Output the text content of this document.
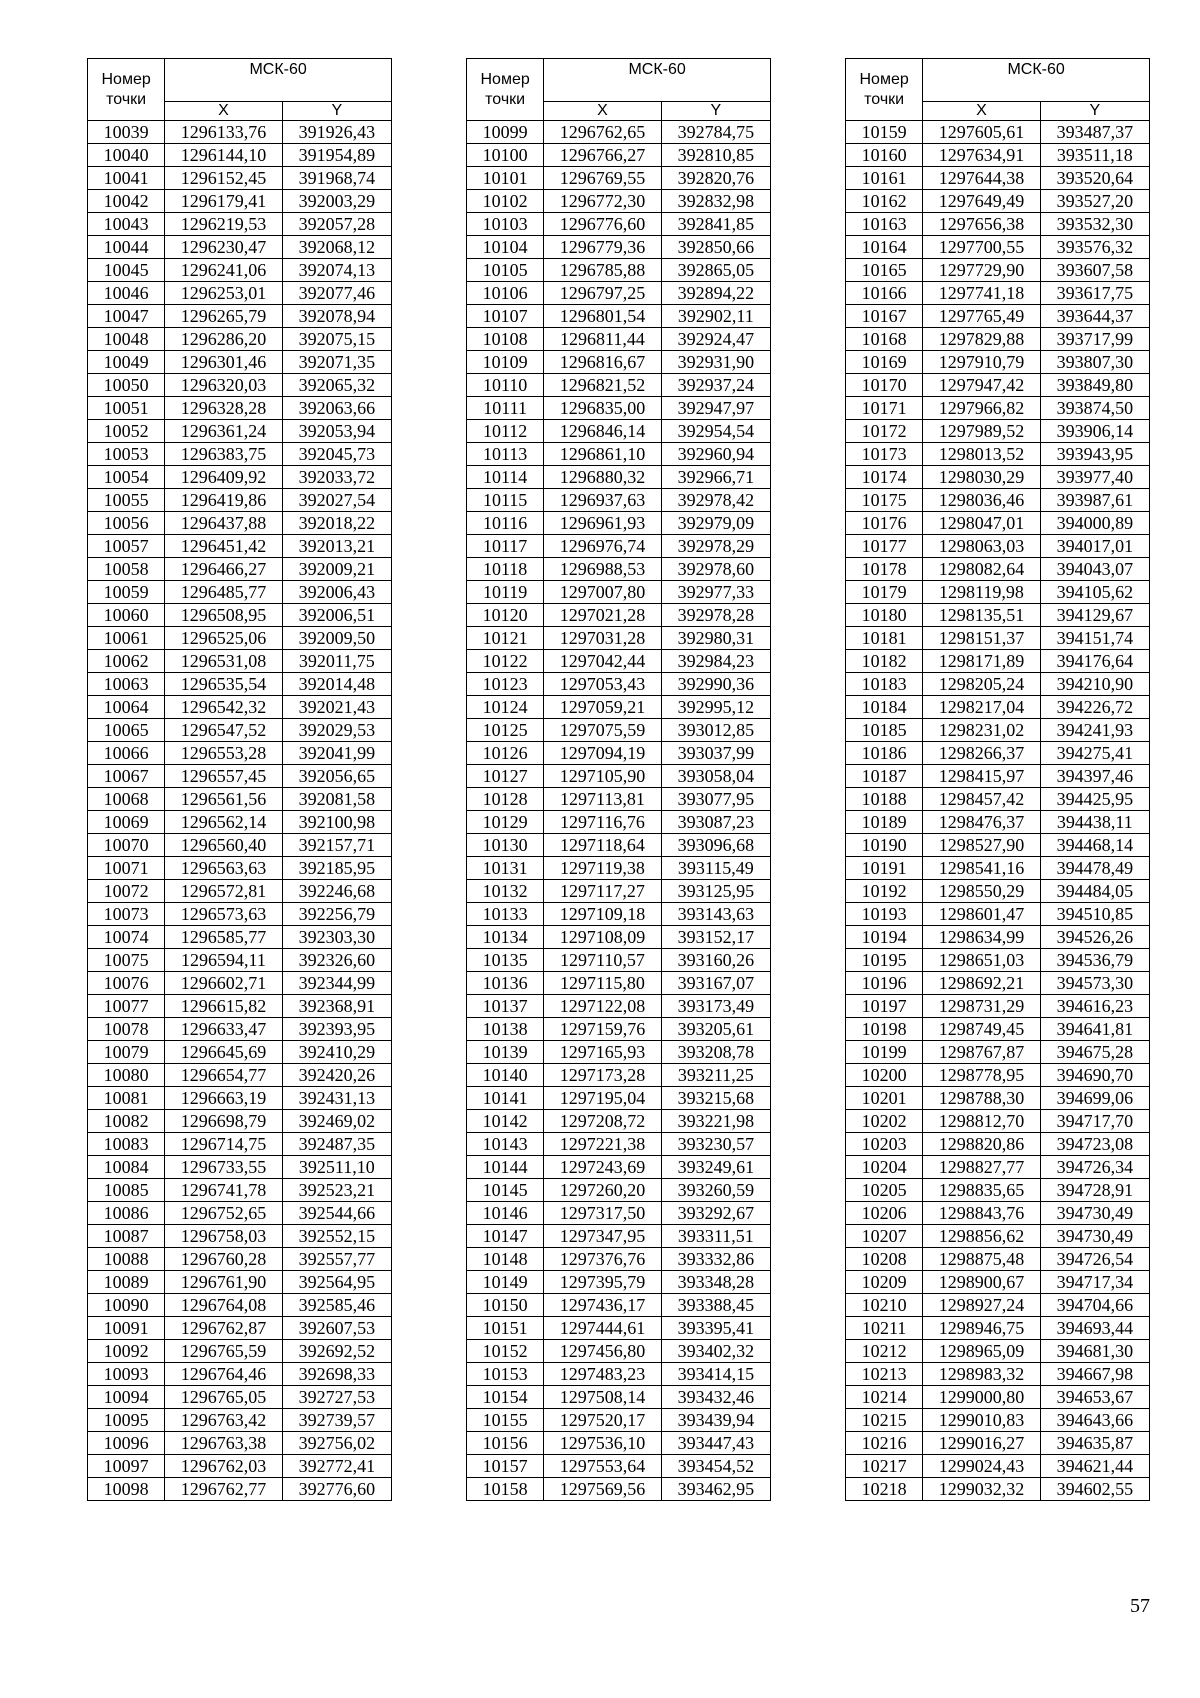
Номер
точки	МСК-60	
	X	Y
10039	1296133,76	391926,43
10040	1296144,10	391954,89
10041	1296152,45	391968,74
10042	1296179,41	392003,29
10043	1296219,53	392057,28
10044	1296230,47	392068,12
10045	1296241,06	392074,13
10046	1296253,01	392077,46
10047	1296265,79	392078,94
10048	1296286,20	392075,15
10049	1296301,46	392071,35
10050	1296320,03	392065,32
10051	1296328,28	392063,66
10052	1296361,24	392053,94
10053	1296383,75	392045,73
10054	1296409,92	392033,72
10055	1296419,86	392027,54
10056	1296437,88	392018,22
10057	1296451,42	392013,21
10058	1296466,27	392009,21
10059	1296485,77	392006,43
10060	1296508,95	392006,51
10061	1296525,06	392009,50
10062	1296531,08	392011,75
10063	1296535,54	392014,48
10064	1296542,32	392021,43
10065	1296547,52	392029,53
10066	1296553,28	392041,99
10067	1296557,45	392056,65
10068	1296561,56	392081,58
10069	1296562,14	392100,98
10070	1296560,40	392157,71
10071	1296563,63	392185,95
10072	1296572,81	392246,68
10073	1296573,63	392256,79
10074	1296585,77	392303,30
10075	1296594,11	392326,60
10076	1296602,71	392344,99
10077	1296615,82	392368,91
10078	1296633,47	392393,95
10079	1296645,69	392410,29
10080	1296654,77	392420,26
10081	1296663,19	392431,13
10082	1296698,79	392469,02
10083	1296714,75	392487,35
10084	1296733,55	392511,10
10085	1296741,78	392523,21
10086	1296752,65	392544,66
10087	1296758,03	392552,15
10088	1296760,28	392557,77
10089	1296761,90	392564,95
10090	1296764,08	392585,46
10091	1296762,87	392607,53
10092	1296765,59	392692,52
10093	1296764,46	392698,33
10094	1296765,05	392727,53
10095	1296763,42	392739,57
10096	1296763,38	392756,02
10097	1296762,03	392772,41
10098	1296762,77	392776,60
Номер
точки	МСК-60	
	X	Y
10099	1296762,65	392784,75
10100	1296766,27	392810,85
10101	1296769,55	392820,76
10102	1296772,30	392832,98
10103	1296776,60	392841,85
10104	1296779,36	392850,66
10105	1296785,88	392865,05
10106	1296797,25	392894,22
10107	1296801,54	392902,11
10108	1296811,44	392924,47
10109	1296816,67	392931,90
10110	1296821,52	392937,24
10111	1296835,00	392947,97
10112	1296846,14	392954,54
10113	1296861,10	392960,94
10114	1296880,32	392966,71
10115	1296937,63	392978,42
10116	1296961,93	392979,09
10117	1296976,74	392978,29
10118	1296988,53	392978,60
10119	1297007,80	392977,33
10120	1297021,28	392978,28
10121	1297031,28	392980,31
10122	1297042,44	392984,23
10123	1297053,43	392990,36
10124	1297059,21	392995,12
10125	1297075,59	393012,85
10126	1297094,19	393037,99
10127	1297105,90	393058,04
10128	1297113,81	393077,95
10129	1297116,76	393087,23
10130	1297118,64	393096,68
10131	1297119,38	393115,49
10132	1297117,27	393125,95
10133	1297109,18	393143,63
10134	1297108,09	393152,17
10135	1297110,57	393160,26
10136	1297115,80	393167,07
10137	1297122,08	393173,49
10138	1297159,76	393205,61
10139	1297165,93	393208,78
10140	1297173,28	393211,25
10141	1297195,04	393215,68
10142	1297208,72	393221,98
10143	1297221,38	393230,57
10144	1297243,69	393249,61
10145	1297260,20	393260,59
10146	1297317,50	393292,67
10147	1297347,95	393311,51
10148	1297376,76	393332,86
10149	1297395,79	393348,28
10150	1297436,17	393388,45
10151	1297444,61	393395,41
10152	1297456,80	393402,32
10153	1297483,23	393414,15
10154	1297508,14	393432,46
10155	1297520,17	393439,94
10156	1297536,10	393447,43
10157	1297553,64	393454,52
10158	1297569,56	393462,95
Номер
точки	МСК-60	
	X	Y
10159	1297605,61	393487,37
10160	1297634,91	393511,18
10161	1297644,38	393520,64
10162	1297649,49	393527,20
10163	1297656,38	393532,30
10164	1297700,55	393576,32
10165	1297729,90	393607,58
10166	1297741,18	393617,75
10167	1297765,49	393644,37
10168	1297829,88	393717,99
10169	1297910,79	393807,30
10170	1297947,42	393849,80
10171	1297966,82	393874,50
10172	1297989,52	393906,14
10173	1298013,52	393943,95
10174	1298030,29	393977,40
10175	1298036,46	393987,61
10176	1298047,01	394000,89
10177	1298063,03	394017,01
10178	1298082,64	394043,07
10179	1298119,98	394105,62
10180	1298135,51	394129,67
10181	1298151,37	394151,74
10182	1298171,89	394176,64
10183	1298205,24	394210,90
10184	1298217,04	394226,72
10185	1298231,02	394241,93
10186	1298266,37	394275,41
10187	1298415,97	394397,46
10188	1298457,42	394425,95
10189	1298476,37	394438,11
10190	1298527,90	394468,14
10191	1298541,16	394478,49
10192	1298550,29	394484,05
10193	1298601,47	394510,85
10194	1298634,99	394526,26
10195	1298651,03	394536,79
10196	1298692,21	394573,30
10197	1298731,29	394616,23
10198	1298749,45	394641,81
10199	1298767,87	394675,28
10200	1298778,95	394690,70
10201	1298788,30	394699,06
10202	1298812,70	394717,70
10203	1298820,86	394723,08
10204	1298827,77	394726,34
10205	1298835,65	394728,91
10206	1298843,76	394730,49
10207	1298856,62	394730,49
10208	1298875,48	394726,54
10209	1298900,67	394717,34
10210	1298927,24	394704,66
10211	1298946,75	394693,44
10212	1298965,09	394681,30
10213	1298983,32	394667,98
10214	1299000,80	394653,67
10215	1299010,83	394643,66
10216	1299016,27	394635,87
10217	1299024,43	394621,44
10218	1299032,32	394602,55
57
